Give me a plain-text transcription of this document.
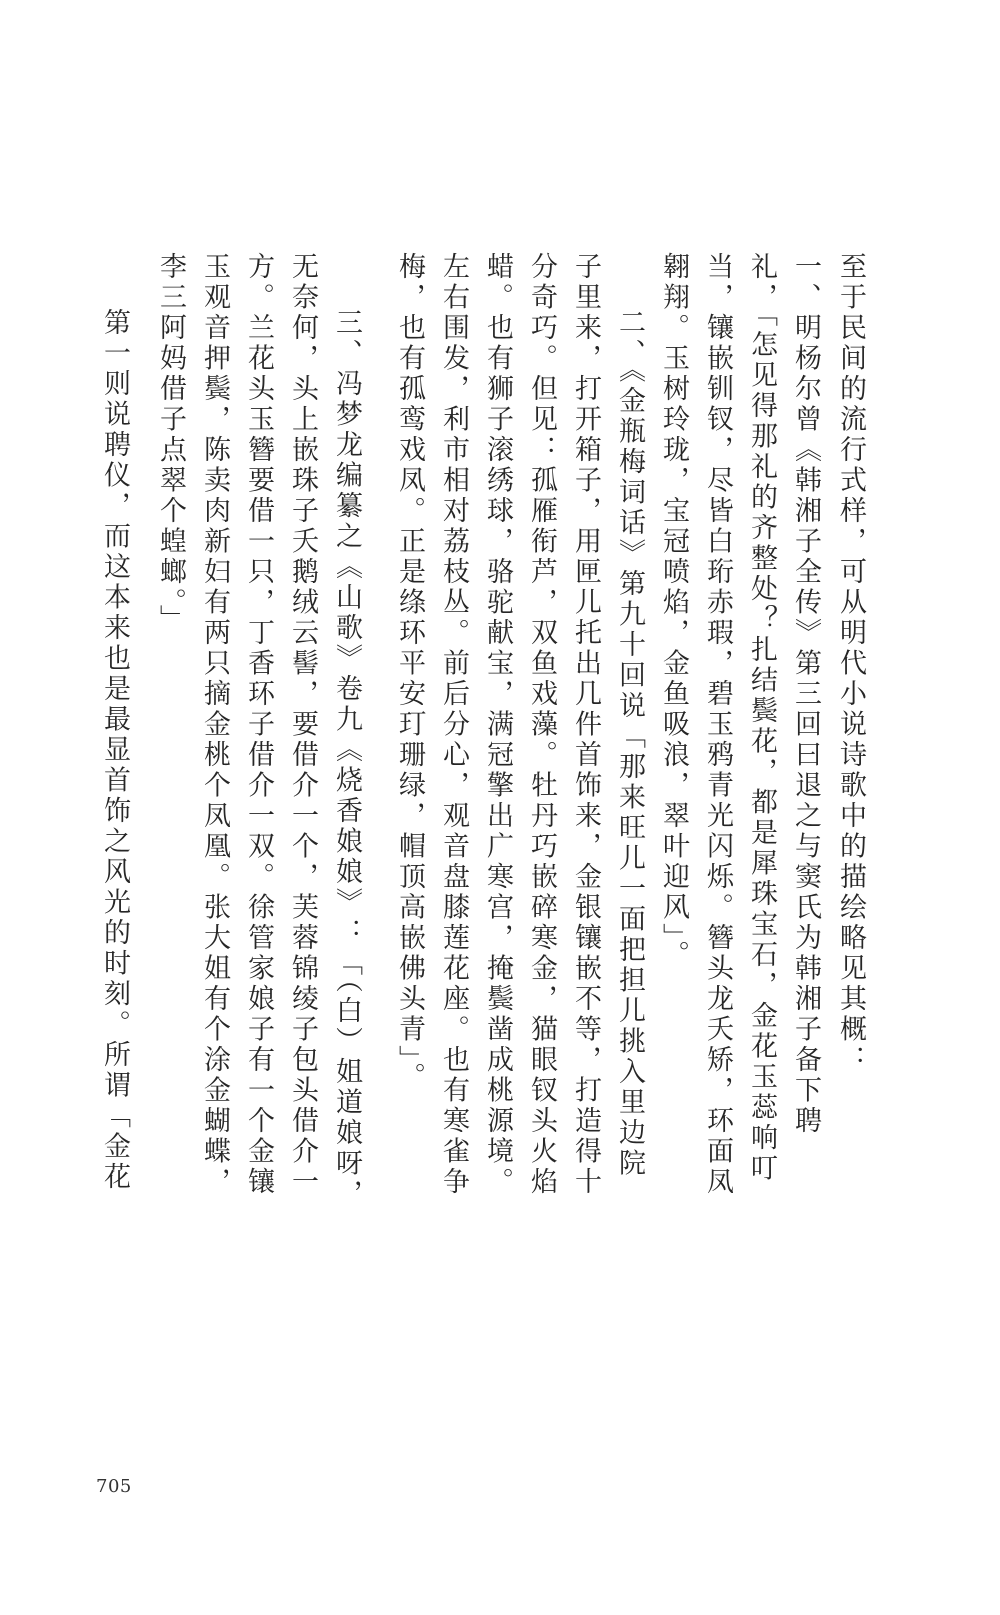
至于民间的流行式样，可从明代小说诗歌中的描绘略见其概：
一、明杨尔曾《韩湘子全传》第三回曰退之与窦氏为韩湘子备下聘
礼，「怎见得那礼的齐整处？扎结鬓花，都是犀珠宝石，金花玉蕊响叮
当，镶嵌钏钗，尽皆白珩赤瑕，碧玉鸦青光闪烁。簪头龙夭矫，环面凤
翱翔。玉树玲珑，宝冠喷焰，金鱼吸浪，翠叶迎风」。
二、《金瓶梅词话》第九十回说「那来旺儿一面把担儿挑入里边院
子里来，打开箱子，用匣儿托出几件首饰来，金银镶嵌不等，打造得十
分奇巧。但见：孤雁衔芦，双鱼戏藻。牡丹巧嵌碎寒金，猫眼钗头火焰
蜡。也有狮子滚绣球，骆驼献宝，满冠擎出广寒宫，掩鬓凿成桃源境。
左右围发，利市相对荔枝丛。前后分心，观音盘膝莲花座。也有寒雀争
梅，也有孤鸾戏凤。正是绦环平安玎珊绿，帽顶高嵌佛头青」。
三、冯梦龙编纂之《山歌》卷九《烧香娘娘》：「（白）姐道娘呀，
无奈何，头上嵌珠子夭鹅绒云髻，要借介一个，芙蓉锦绫子包头借介一
方。兰花头玉簪要借一只，丁香环子借介一双。徐管家娘子有一个金镶
玉观音押鬓，陈卖肉新妇有两只摘金桃个凤凰。张大姐有个涂金蝴蝶，
李三阿妈借子点翠个蝗螂。」
第一则说聘仪，而这本来也是最显首饰之风光的时刻。所谓「金花
705
